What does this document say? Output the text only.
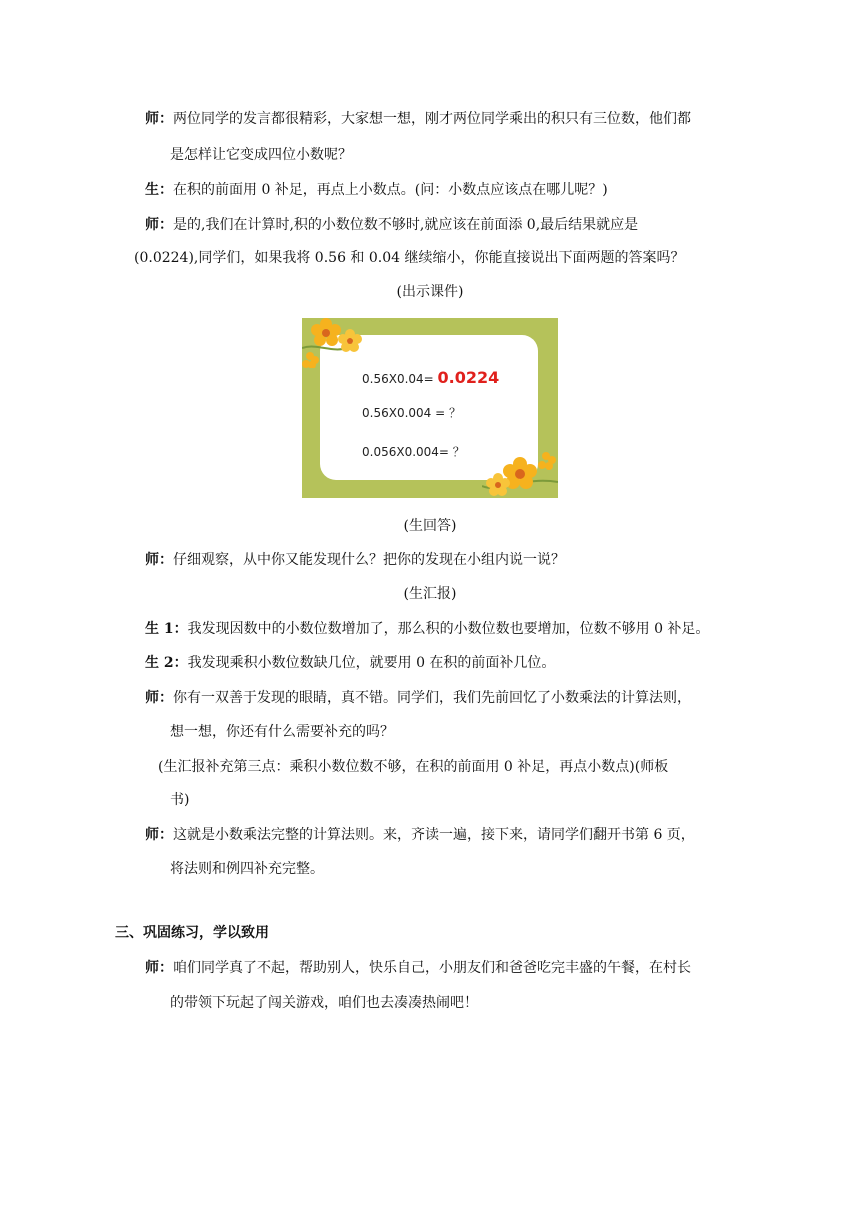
师：两位同学的发言都很精彩，大家想一想，刚才两位同学乘出的积只有三位数，他们都
是怎样让它变成四位小数呢？
生：在积的前面用 0 补足，再点上小数点。(问：小数点应该点在哪儿呢？)
师：是的,我们在计算时,积的小数位数不够时,就应该在前面添 0,最后结果就应是
(0.0224),同学们，如果我将 0.56 和 0.04 继续缩小，你能直接说出下面两题的答案吗？
(出示课件)
0.56X0.04= 0.0224
0.56X0.004 = ？
0.056X0.004= ？
(生回答)
师：仔细观察，从中你又能发现什么？把你的发现在小组内说一说？
(生汇报)
生 1：我发现因数中的小数位数增加了，那么积的小数位数也要增加，位数不够用 0 补足。
生 2：我发现乘积小数位数缺几位，就要用 0 在积的前面补几位。
师：你有一双善于发现的眼睛，真不错。同学们，我们先前回忆了小数乘法的计算法则，
想一想，你还有什么需要补充的吗？
(生汇报补充第三点：乘积小数位数不够，在积的前面用 0 补足，再点小数点)(师板
书)
师：这就是小数乘法完整的计算法则。来，齐读一遍，接下来，请同学们翻开书第 6 页，
将法则和例四补充完整。
三、巩固练习，学以致用
师：咱们同学真了不起，帮助别人，快乐自己，小朋友们和爸爸吃完丰盛的午餐，在村长
的带领下玩起了闯关游戏，咱们也去凑凑热闹吧！
